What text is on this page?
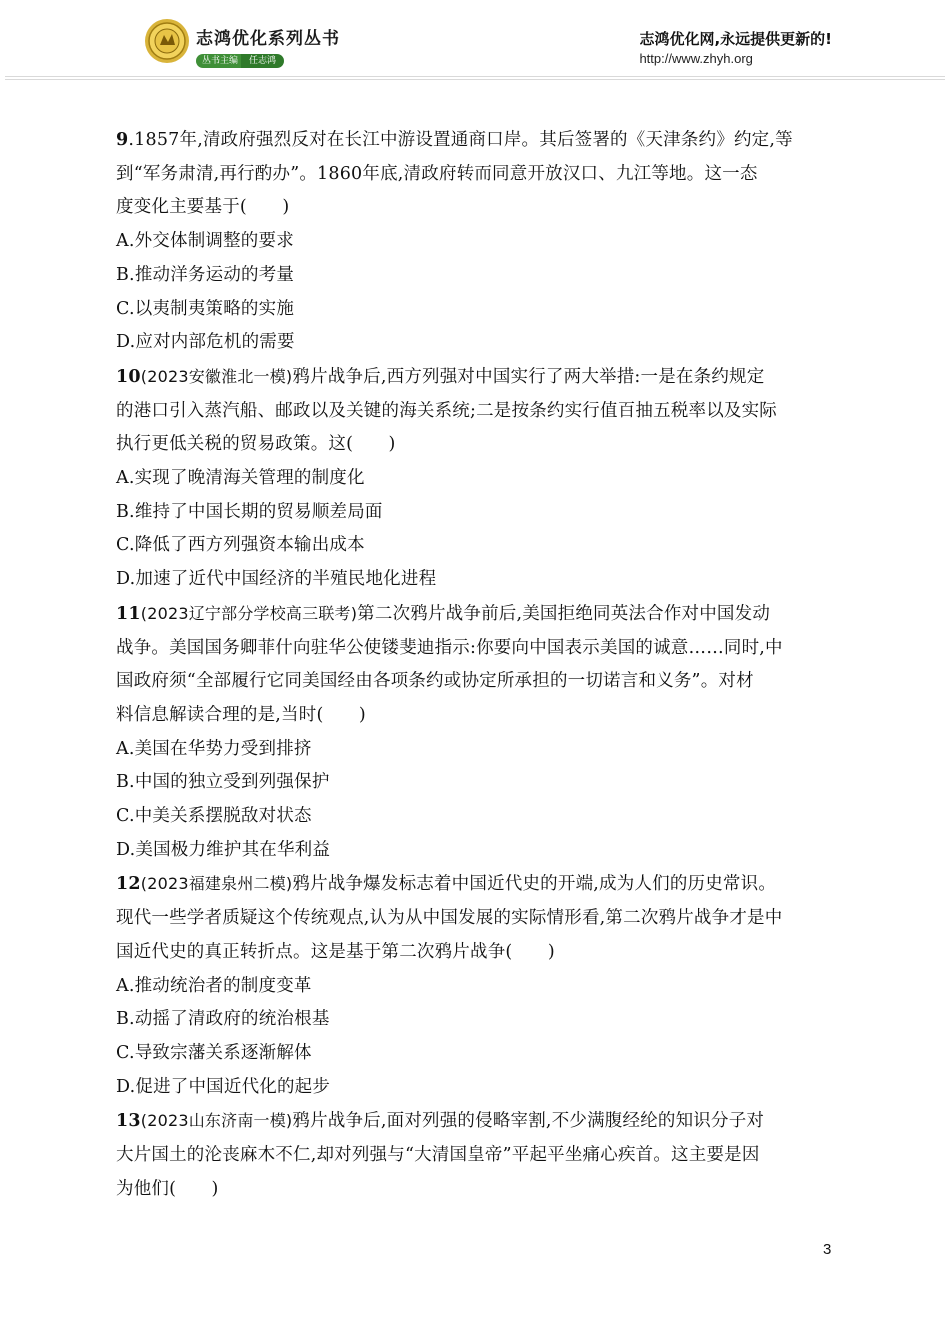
志鸿优化系列丛书
丛书主编 任志鸿
志鸿优化网,永远提供更新的!
http://www.zhyh.org
9.1857年,清政府强烈反对在长江中游设置通商口岸。其后签署的《天津条约》约定,等
到“军务肃清,再行酌办”。1860年底,清政府转而同意开放汉口、九江等地。这一态
度变化主要基于(　　)
A.外交体制调整的要求
B.推动洋务运动的考量
C.以夷制夷策略的实施
D.应对内部危机的需要
10(2023安徽淮北一模)鸦片战争后,西方列强对中国实行了两大举措:一是在条约规定
的港口引入蒸汽船、邮政以及关键的海关系统;二是按条约实行值百抽五税率以及实际
执行更低关税的贸易政策。这(　　)
A.实现了晚清海关管理的制度化
B.维持了中国长期的贸易顺差局面
C.降低了西方列强资本输出成本
D.加速了近代中国经济的半殖民地化进程
11(2023辽宁部分学校高三联考)第二次鸦片战争前后,美国拒绝同英法合作对中国发动
战争。美国国务卿菲什向驻华公使镂斐迪指示:你要向中国表示美国的诚意……同时,中
国政府须“全部履行它同美国经由各项条约或协定所承担的一切诺言和义务”。对材
料信息解读合理的是,当时(　　)
A.美国在华势力受到排挤
B.中国的独立受到列强保护
C.中美关系摆脱敌对状态
D.美国极力维护其在华利益
12(2023福建泉州二模)鸦片战争爆发标志着中国近代史的开端,成为人们的历史常识。
现代一些学者质疑这个传统观点,认为从中国发展的实际情形看,第二次鸦片战争才是中
国近代史的真正转折点。这是基于第二次鸦片战争(　　)
A.推动统治者的制度变革
B.动摇了清政府的统治根基
C.导致宗藩关系逐渐解体
D.促进了中国近代化的起步
13(2023山东济南一模)鸦片战争后,面对列强的侵略宰割,不少满腹经纶的知识分子对
大片国土的沦丧麻木不仁,却对列强与“大清国皇帝”平起平坐痛心疾首。这主要是因
为他们(　　)
3
